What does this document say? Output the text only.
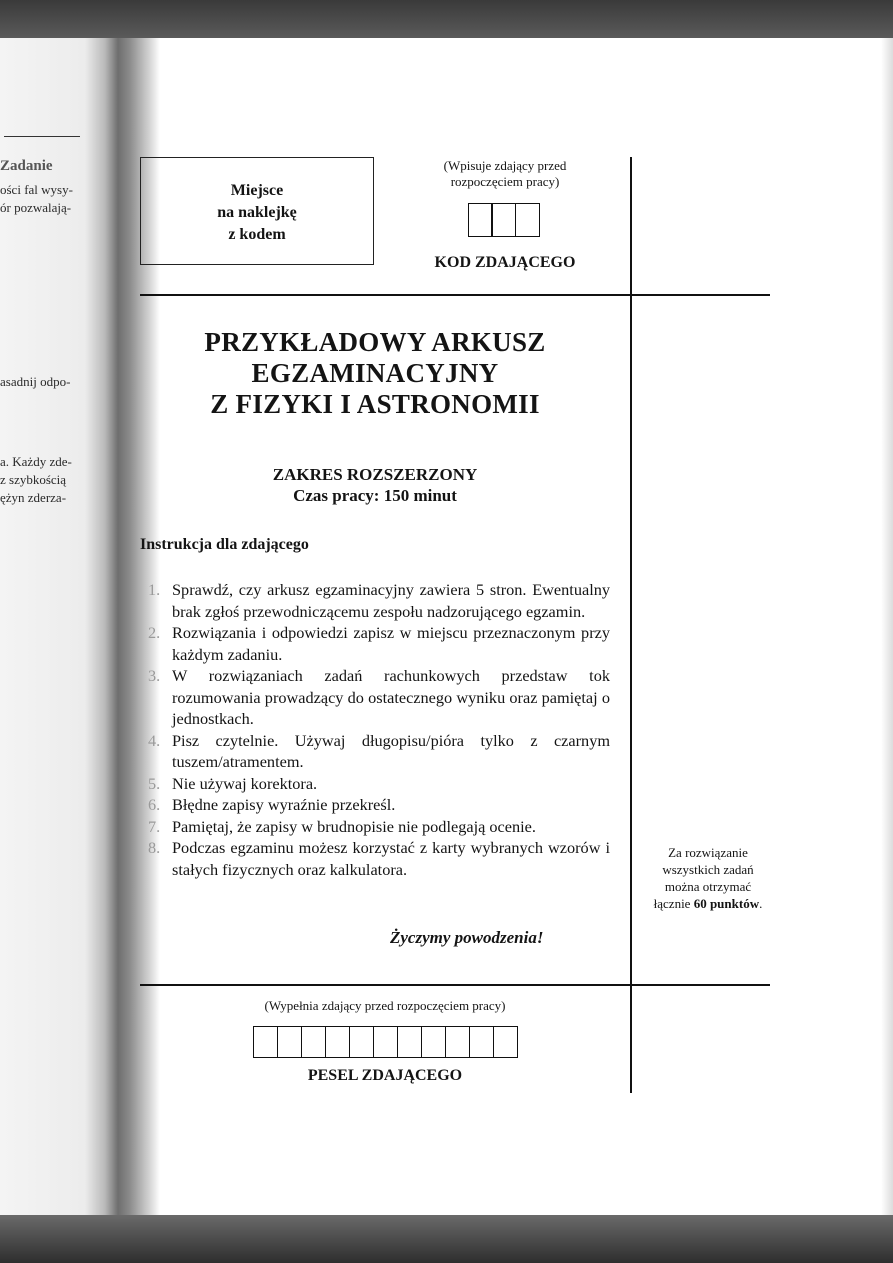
Zadanie
ości fal wysy-
ór pozwalają-
asadnij odpo-
a. Każdy zde-
z szybkością
ężyn zderza-
Miejsce
na naklejkę
z kodem
(Wpisuje zdający przed
rozpoczęciem pracy)
KOD ZDAJĄCEGO
PRZYKŁADOWY ARKUSZ
EGZAMINACYJNY
Z FIZYKI I ASTRONOMII
ZAKRES ROZSZERZONY
Czas pracy: 150 minut
Instrukcja dla zdającego
1. Sprawdź, czy arkusz egzaminacyjny zawiera 5 stron. Ewentualny brak zgłoś przewodniczącemu zespołu nadzorującego egzamin.
2. Rozwiązania i odpowiedzi zapisz w miejscu przeznaczonym przy każdym zadaniu.
3. W rozwiązaniach zadań rachunkowych przedstaw tok rozumowania prowadzący do ostatecznego wyniku oraz pamiętaj o jednostkach.
4. Pisz czytelnie. Używaj długopisu/pióra tylko z czarnym tuszem/atramentem.
5. Nie używaj korektora.
6. Błędne zapisy wyraźnie przekreśl.
7. Pamiętaj, że zapisy w brudnopisie nie podlegają ocenie.
8. Podczas egzaminu możesz korzystać z karty wybranych wzorów i stałych fizycznych oraz kalkulatora.
Życzymy powodzenia!
Za rozwiązanie
wszystkich zadań
można otrzymać
łącznie 60 punktów.
(Wypełnia zdający przed rozpoczęciem pracy)
PESEL ZDAJĄCEGO
